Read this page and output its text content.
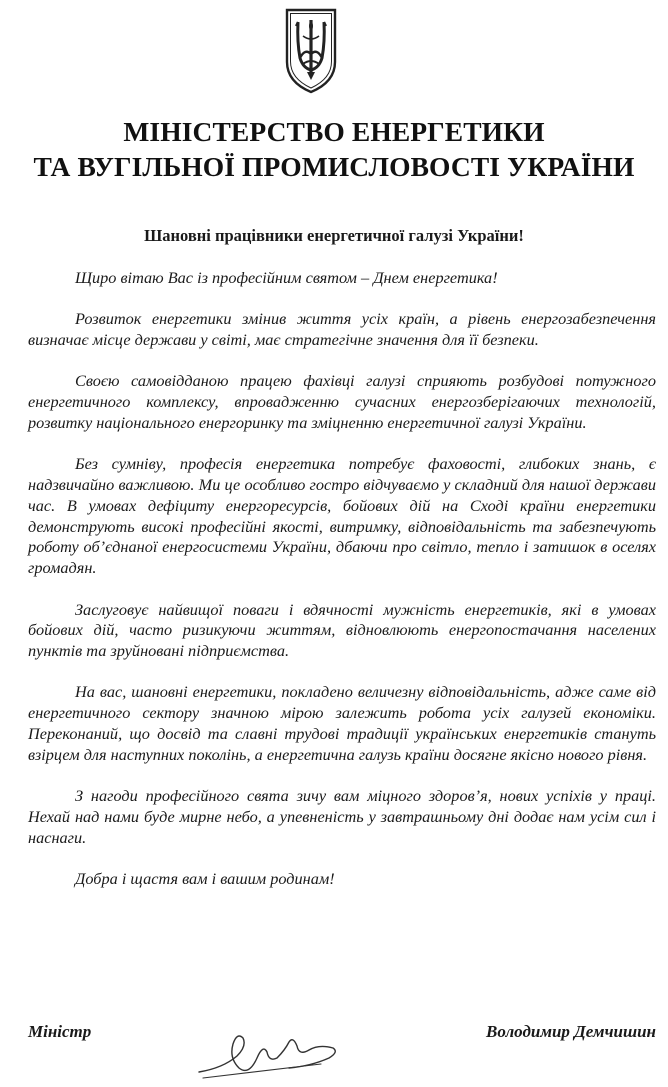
МІНІСТЕРСТВО ЕНЕРГЕТИКИ
ТА ВУГІЛЬНОЇ ПРОМИСЛОВОСТІ УКРАЇНИ
Шановні працівники енергетичної галузі України!

Щиро вітаю Вас із професійним святом – Днем енергетика!

Розвиток енергетики змінив життя усіх країн, а рівень енергозабезпечення визначає місце держави у світі, має стратегічне значення для її безпеки.

Своєю самовідданою працею фахівці галузі сприяють розбудові потужного енергетичного комплексу, впровадженню сучасних енергозберігаючих технологій, розвитку національного енергоринку та зміцненню енергетичної галузі України.

Без сумніву, професія енергетика потребує фаховості, глибоких знань, є надзвичайно важливою. Ми це особливо гостро відчуваємо у складний для нашої держави час. В умовах дефіциту енергоресурсів, бойових дій на Сході країни енергетики демонструють високі професійні якості, витримку, відповідальність та забезпечують роботу об’єднаної енергосистеми України, дбаючи про світло, тепло і затишок в оселях громадян.

Заслуговує найвищої поваги і вдячності мужність енергетиків, які в умовах бойових дій, часто ризикуючи життям, відновлюють енергопостачання населених пунктів та зруйновані підприємства.

На вас, шановні енергетики, покладено величезну відповідальність, адже саме від енергетичного сектору значною мірою залежить робота усіх галузей економіки. Переконаний, що досвід та славні трудові традиції українських енергетиків стануть взірцем для наступних поколінь, а енергетична галузь країни досягне якісно нового рівня.

З нагоди професійного свята зичу вам міцного здоров’я, нових успіхів у праці. Нехай над нами буде мирне небо, а упевненість у завтрашньому дні додає нам усім сил і наснаги.

Добра і щастя вам і вашим родинам!

Міністр	Володимир Демчишин
